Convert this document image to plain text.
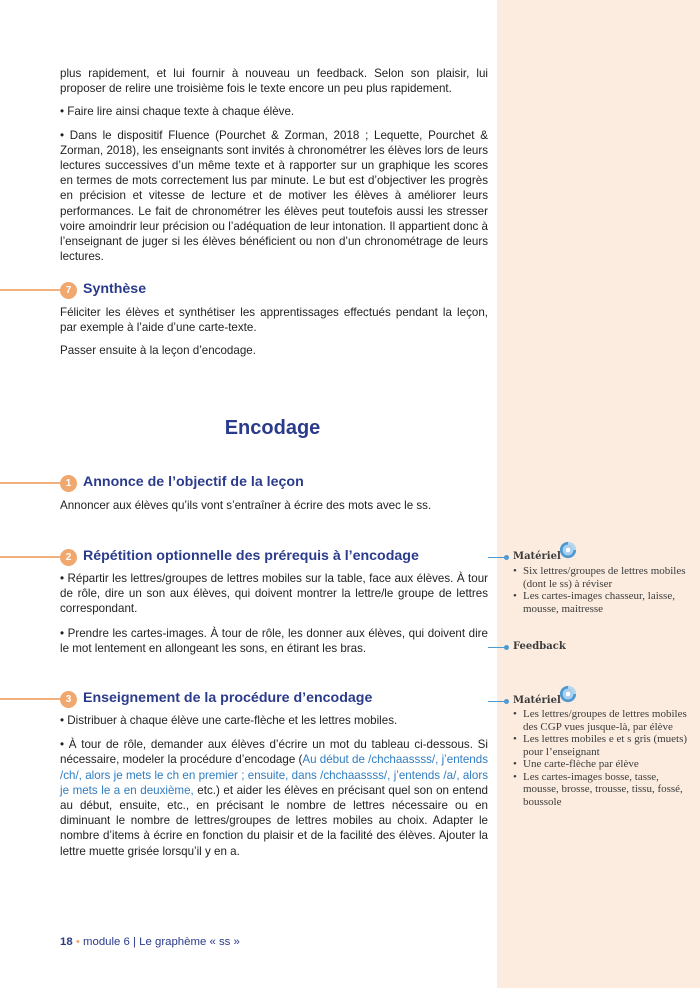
plus rapidement, et lui fournir à nouveau un feedback. Selon son plaisir, lui proposer de relire une troisième fois le texte encore un peu plus rapidement.

• Faire lire ainsi chaque texte à chaque élève.

• Dans le dispositif Fluence (Pourchet & Zorman, 2018 ; Lequette, Pourchet & Zorman, 2018), les enseignants sont invités à chronométrer les élèves lors de leurs lectures successives d’un même texte et à rapporter sur un graphique les scores en termes de mots correctement lus par minute. Le but est d’objectiver les progrès en précision et vitesse de lecture et de motiver les élèves à améliorer leurs performances. Le fait de chronométrer les élèves peut toutefois aussi les stresser voire amoindrir leur précision ou l’adéquation de leur intonation. Il appartient donc à l’enseignant de juger si les élèves bénéficient ou non d’un chronométrage de leurs lectures.

7 Synthèse

Féliciter les élèves et synthétiser les apprentissages effectués pendant la leçon, par exemple à l’aide d’une carte-texte.

Passer ensuite à la leçon d’encodage.

Encodage
1 Annonce de l’objectif de la leçon

Annoncer aux élèves qu’ils vont s’entraîner à écrire des mots avec le ss.

2 Répétition optionnelle des prérequis à l’encodage

• Répartir les lettres/groupes de lettres mobiles sur la table, face aux élèves. À tour de rôle, dire un son aux élèves, qui doivent montrer la lettre/le groupe de lettres correspondant.

• Prendre les cartes-images. À tour de rôle, les donner aux élèves, qui doivent dire le mot lentement en allongeant les sons, en étirant les bras.

3 Enseignement de la procédure d’encodage

• Distribuer à chaque élève une carte-flèche et les lettres mobiles.

• À tour de rôle, demander aux élèves d’écrire un mot du tableau ci-dessous. Si nécessaire, modeler la procédure d’encodage (Au début de /chchaassss/, j’entends /ch/, alors je mets le ch en premier ; ensuite, dans /chchaassss/, j’entends /a/, alors je mets le a en deuxième, etc.) et aider les élèves en précisant quel son on entend au début, ensuite, etc., en précisant le nombre de lettres nécessaire ou en diminuant le nombre de lettres/groupes de lettres mobiles au choix. Adapter le nombre d’items à écrire en fonction du plaisir et de la facilité des élèves. Ajouter la lettre muette grisée lorsqu’il y en a.

Matériel
• Six lettres/groupes de lettres mobiles (dont le ss) à réviser
• Les cartes-images chasseur, laisse, mousse, maitresse
Feedback
Matériel
• Les lettres/groupes de lettres mobiles des CGP vues jusque-là, par élève
• Les lettres mobiles e et s gris (muets) pour l’enseignant
• Une carte-flèche par élève
• Les cartes-images bosse, tasse, mousse, brosse, trousse, tissu, fossé, boussole
18 • module 6 | Le graphème « ss »
